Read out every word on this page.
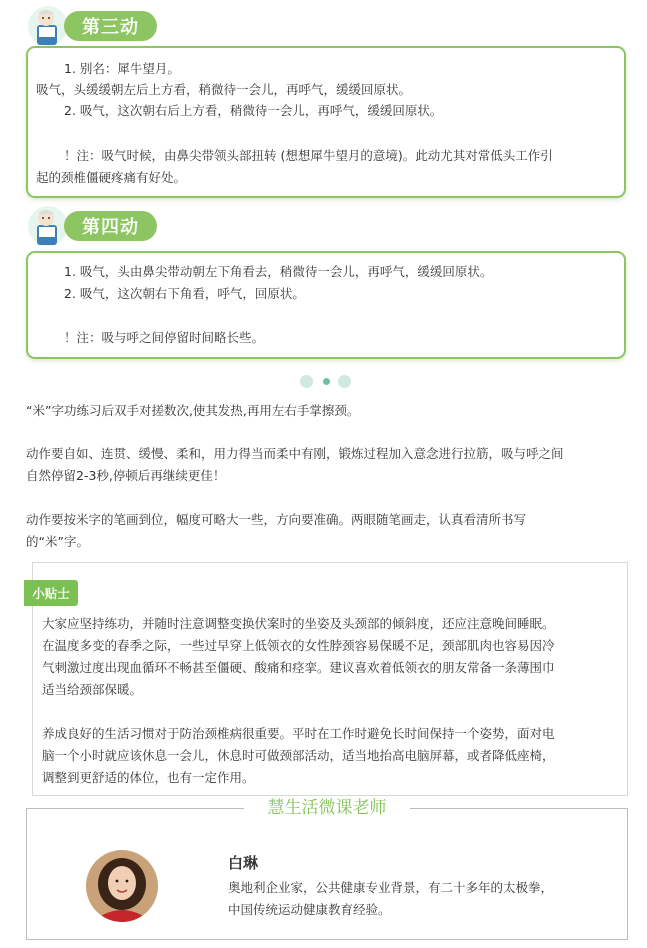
第三动
1. 别名：犀牛望月。
吸气，头缓缓朝左后上方看，稍微待一会儿，再呼气，缓缓回原状。
2. 吸气，这次朝右后上方看，稍微待一会儿，再呼气，缓缓回原状。
！注：吸气时候，由鼻尖带领头部扭转 (想想犀牛望月的意境)。此动尤其对常低头工作引
起的颈椎僵硬疼痛有好处。
第四动
1. 吸气，头由鼻尖带动朝左下角看去，稍微待一会儿，再呼气，缓缓回原状。
2. 吸气，这次朝右下角看，呼气，回原状。
！注：吸与呼之间停留时间略长些。
“米”字功练习后双手对搓数次,使其发热,再用左右手掌擦颈。
动作要自如、连贯、缓慢、柔和，用力得当而柔中有刚，锻炼过程加入意念进行拉筋，吸与呼之间
自然停留2-3秒,停顿后再继续更佳！
动作要按米字的笔画到位，幅度可略大一些，方向要准确。两眼随笔画走，认真看清所书写
的“米”字。
小贴士
大家应坚持练功，并随时注意调整变换伏案时的坐姿及头颈部的倾斜度，还应注意晚间睡眠。
在温度多变的春季之际，一些过早穿上低领衣的女性脖颈容易保暖不足，颈部肌肉也容易因冷
气刺激过度出现血循环不畅甚至僵硬、酸痛和痉挛。建议喜欢着低领衣的朋友常备一条薄围巾
适当给颈部保暖。
养成良好的生活习惯对于防治颈椎病很重要。平时在工作时避免长时间保持一个姿势，面对电
脑一个小时就应该休息一会儿，休息时可做颈部活动，适当地抬高电脑屏幕，或者降低座椅，
调整到更舒适的体位，也有一定作用。
慧生活微课老师
白琳
奥地利企业家，公共健康专业背景，有二十多年的太极拳，
中国传统运动健康教育经验。
